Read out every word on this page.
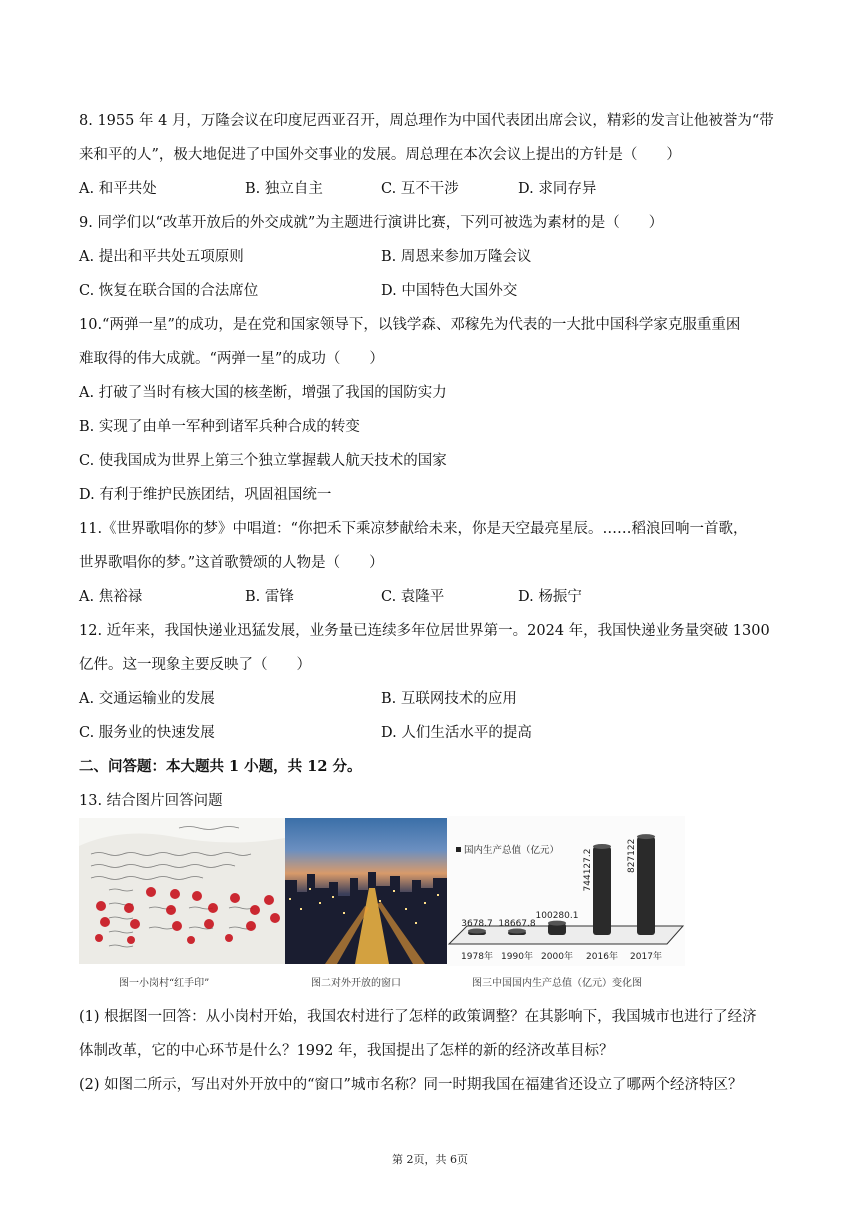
8. 1955 年 4 月，万隆会议在印度尼西亚召开，周总理作为中国代表团出席会议，精彩的发言让他被誉为“带
来和平的人”，极大地促进了中国外交事业的发展。周总理在本次会议上提出的方针是（　　）
A. 和平共处	B. 独立自主	C. 互不干涉	D. 求同存异
9. 同学们以“改革开放后的外交成就”为主题进行演讲比赛，下列可被选为素材的是（　　）
A. 提出和平共处五项原则	B. 周恩来参加万隆会议
C. 恢复在联合国的合法席位	D. 中国特色大国外交
10.“两弹一星”的成功，是在党和国家领导下，以钱学森、邓稼先为代表的一大批中国科学家克服重重困
难取得的伟大成就。“两弹一星”的成功（　　）
A. 打破了当时有核大国的核垄断，增强了我国的国防实力
B. 实现了由单一军种到诸军兵种合成的转变
C. 使我国成为世界上第三个独立掌握载人航天技术的国家
D. 有利于维护民族团结，巩固祖国统一
11.《世界歌唱你的梦》中唱道：“你把禾下乘凉梦献给未来，你是天空最亮星辰。……稻浪回响一首歌，
世界歌唱你的梦。”这首歌赞颂的人物是（　　）
A. 焦裕禄	B. 雷锋	C. 袁隆平	D. 杨振宁
12. 近年来，我国快递业迅猛发展，业务量已连续多年位居世界第一。2024 年，我国快递业务量突破 1300
亿件。这一现象主要反映了（　　）
A. 交通运输业的发展	B. 互联网技术的应用
C. 服务业的快速发展	D. 人们生活水平的提高
二、问答题：本大题共 1 小题，共 12 分。
13. 结合图片回答问题
国内生产总值（亿元）
3678.7
1978年
18667.8
1990年
100280.1
2000年
744127.2
2016年
827122
2017年
图一小岗村“红手印”	图二对外开放的窗口	图三中国国内生产总值（亿元）变化图
(1) 根据图一回答：从小岗村开始，我国农村进行了怎样的政策调整？在其影响下，我国城市也进行了经济
体制改革，它的中心环节是什么？1992 年，我国提出了怎样的新的经济改革目标？
(2) 如图二所示，写出对外开放中的“窗口”城市名称？同一时期我国在福建省还设立了哪两个经济特区？
第 2页，共 6页
